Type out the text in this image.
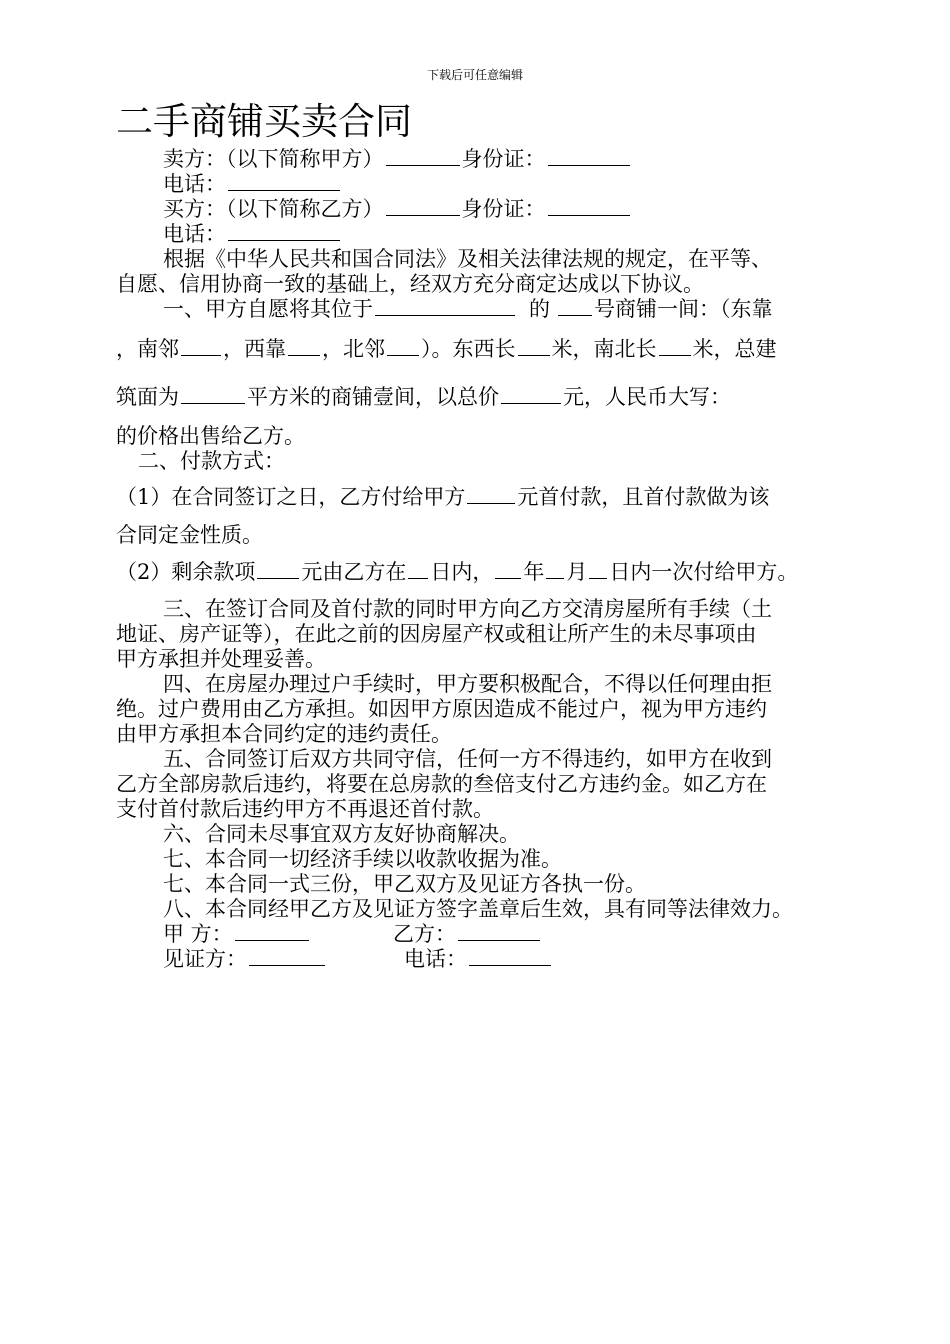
下载后可任意编辑
二手商铺买卖合同
卖方：（以下简称甲方）	身份证：
电话：
买方：（以下简称乙方）	身份证：
电话：
根据《中华人民共和国合同法》及相关法律法规的规定，在平等、
自愿、信用协商一致的基础上，经双方充分商定达成以下协议。
一、甲方自愿将其位于	的 号商铺一间：（东靠
，南邻 ，西靠 ，北邻 ）。东西长 米，南北长 米，总建
筑面为	平方米的商铺壹间，以总价	元，人民币大写：
的价格出售给乙方。
二、付款方式：
（1）在合同签订之日，乙方付给甲方 元首付款，且首付款做为该
合同定金性质。
（2）剩余款项 元由乙方在 日内， 年 月 日内一次付给甲方。
三、在签订合同及首付款的同时甲方向乙方交清房屋所有手续（土
地证、房产证等），在此之前的因房屋产权或租让所产生的未尽事项由
甲方承担并处理妥善。
四、在房屋办理过户手续时，甲方要积极配合，不得以任何理由拒
绝。过户费用由乙方承担。如因甲方原因造成不能过户，视为甲方违约
由甲方承担本合同约定的违约责任。
五、合同签订后双方共同守信，任何一方不得违约，如甲方在收到
乙方全部房款后违约，将要在总房款的叁倍支付乙方违约金。如乙方在
支付首付款后违约甲方不再退还首付款。
六、合同未尽事宜双方友好协商解决。
七、本合同一切经济手续以收款收据为准。
七、本合同一式三份，甲乙双方及见证方各执一份。
八、本合同经甲乙方及见证方签字盖章后生效，具有同等法律效力。
甲 方：	乙方：
见证方：	电话：
